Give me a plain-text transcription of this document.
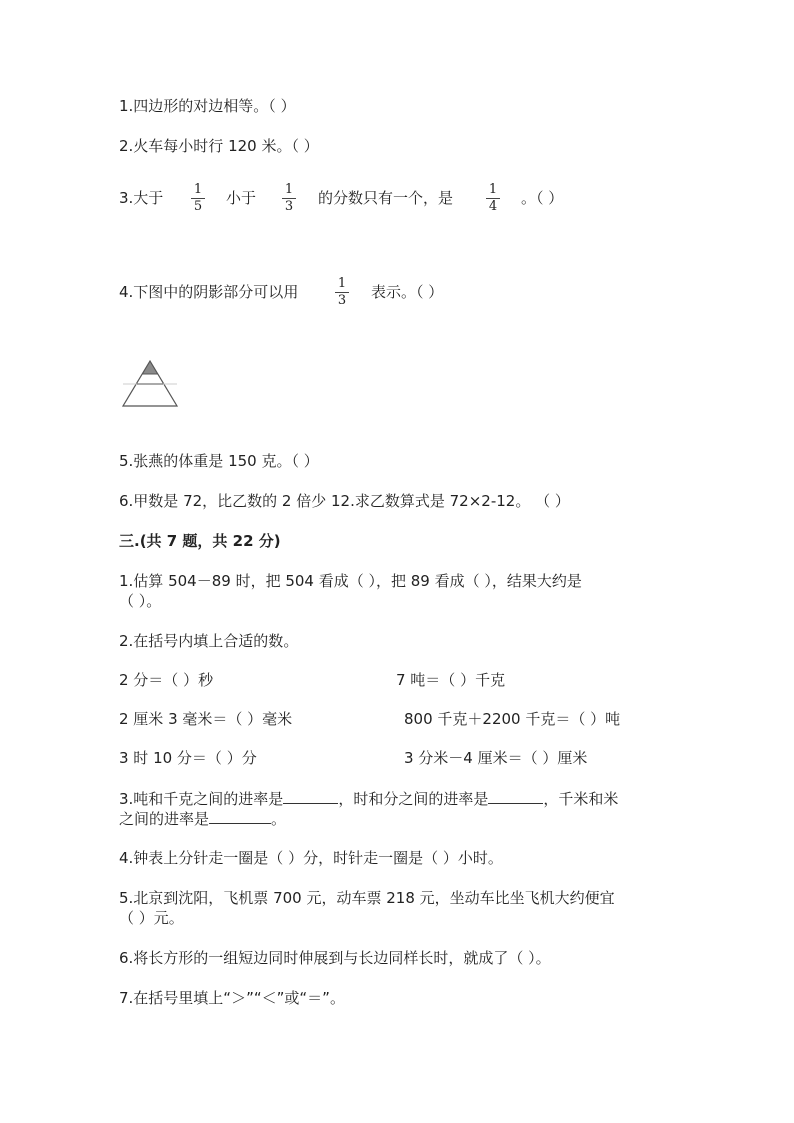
1.四边形的对边相等。（ ）
2.火车每小时行 120 米。（ ）
3.大于 1
5 小于 1
3 的分数只有一个，是	1
4 。（ ）
4.下图中的阴影部分可以用	1
3 表示。（ ）
5.张燕的体重是 150 克。（ ）
6.甲数是 72，比乙数的 2 倍少 12.求乙数算式是 72×2-12。 （ ）
三.(共 7 题，共 22 分)
1.估算 504－89 时，把 504 看成（ ），把 89 看成（ ），结果大约是
（ ）。
2.在括号内填上合适的数。
2 分＝（ ）秒	7 吨＝（ ）千克
2 厘米 3 毫米＝（ ）毫米	800 千克＋2200 千克＝（ ）吨
3 时 10 分＝（ ）分	3 分米－4 厘米＝（ ）厘米
3.吨和千克之间的进率是	，时和分之间的进率是	，千米和米
之间的进率是	。
4.钟表上分针走一圈是（ ）分，时针走一圈是（ ）小时。
5.北京到沈阳，飞机票 700 元，动车票 218 元，坐动车比坐飞机大约便宜
（ ）元。
6.将长方形的一组短边同时伸展到与长边同样长时，就成了（ ）。
7.在括号里填上“＞”“＜”或“＝”。
